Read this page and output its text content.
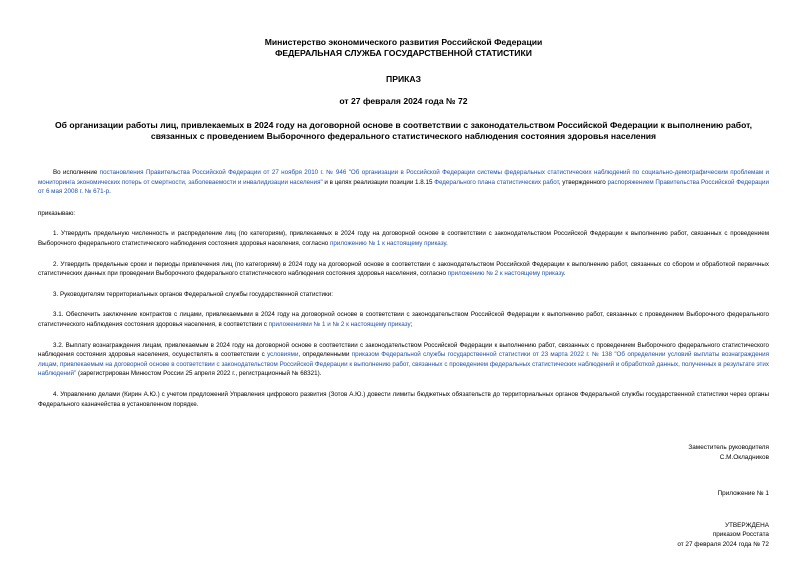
Министерство экономического развития Российской Федерации
ФЕДЕРАЛЬНАЯ СЛУЖБА ГОСУДАРСТВЕННОЙ СТАТИСТИКИ
ПРИКАЗ
от 27 февраля 2024 года № 72
Об организации работы лиц, привлекаемых в 2024 году на договорной основе в соответствии с законодательством Российской Федерации к выполнению работ,
связанных с проведением Выборочного федерального статистического наблюдения состояния здоровья населения

Во исполнение постановления Правительства Российской Федерации от 27 ноября 2010 г. № 946 "Об организации в Российской Федерации системы федеральных статистических наблюдений по социально-демографическим проблемам и мониторинга экономических потерь от смертности, заболеваемости и инвалидизации населения" и в целях реализации позиции 1.8.15 Федерального плана статистических работ, утвержденного распоряжением Правительства Российской Федерации от 6 мая 2008 г. № 671-р.

приказываю:

1. Утвердить предельную численность и распределение лиц (по категориям), привлекаемых в 2024 году на договорной основе в соответствии с законодательством Российской Федерации к выполнению работ, связанных с проведением Выборочного федерального статистического наблюдения состояния здоровья населения, согласно приложению № 1 к настоящему приказу.

2. Утвердить предельные сроки и периоды привлечения лиц (по категориям) в 2024 году на договорной основе в соответствии с законодательством Российской Федерации к выполнению работ, связанных со сбором и обработкой первичных статистических данных при проведении Выборочного федерального статистического наблюдения состояния здоровья населения, согласно приложению № 2 к настоящему приказу.

3. Руководителям территориальных органов Федеральной службы государственной статистики:

3.1. Обеспечить заключение контрактов с лицами, привлекаемыми в 2024 году на договорной основе в соответствии с законодательством Российской Федерации к выполнению работ, связанных с проведением Выборочного федерального статистического наблюдения состояния здоровья населения, в соответствии с приложениями № 1 и № 2 к настоящему приказу;

3.2. Выплату вознаграждения лицам, привлекаемым в 2024 году на договорной основе в соответствии с законодательством Российской Федерации к выполнению работ, связанных с проведением Выборочного федерального статистического наблюдения состояния здоровья населения, осуществлять в соответствии с условиями, определенными приказом Федеральной службы государственной статистики от 23 марта 2022 г. № 138 "Об определении условий выплаты вознаграждения лицам, привлекаемым на договорной основе в соответствии с законодательством Российской Федерации к выполнению работ, связанных с проведением федеральных статистических наблюдений и обработкой данных, полученных в результате этих наблюдений" (зарегистрирован Минюстом России 25 апреля 2022 г., регистрационный № 68321).

4. Управлению делами (Кирин А.Ю.) с учетом предложений Управления цифрового развития (Зотов А.Ю.) довести лимиты бюджетных обязательств до территориальных органов Федеральной службы государственной статистики через органы Федерального казначейства в установленном порядке.

Заместитель руководителя
С.М.Окладников
Приложение № 1
УТВЕРЖДЕНА
приказом Росстата
от 27 февраля 2024 года № 72
